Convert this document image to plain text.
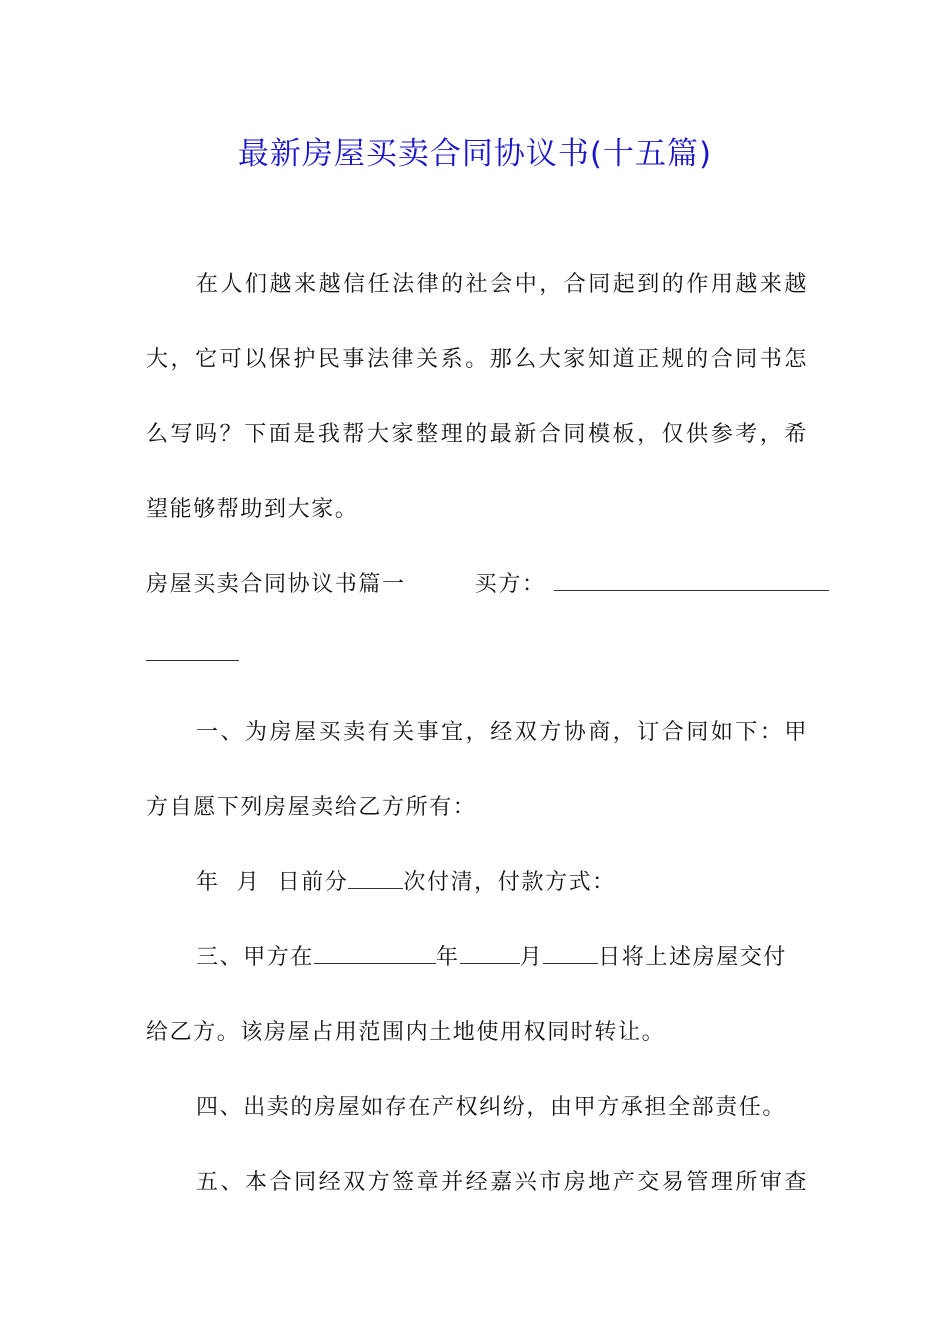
最新房屋买卖合同协议书(十五篇)
在人们越来越信任法律的社会中，合同起到的作用越来越
大，它可以保护民事法律关系。那么大家知道正规的合同书怎
么写吗？下面是我帮大家整理的最新合同模板，仅供参考，希
望能够帮助到大家。
房屋买卖合同协议书篇一	买方：
一、为房屋买卖有关事宜，经双方协商，订合同如下：甲
方自愿下列房屋卖给乙方所有：
年  月  日前分	次付清，付款方式：
三、甲方在	年	月	日将上述房屋交付
给乙方。该房屋占用范围内土地使用权同时转让。
四、出卖的房屋如存在产权纠纷，由甲方承担全部责任。
五、本合同经双方签章并经嘉兴市房地产交易管理所审查
